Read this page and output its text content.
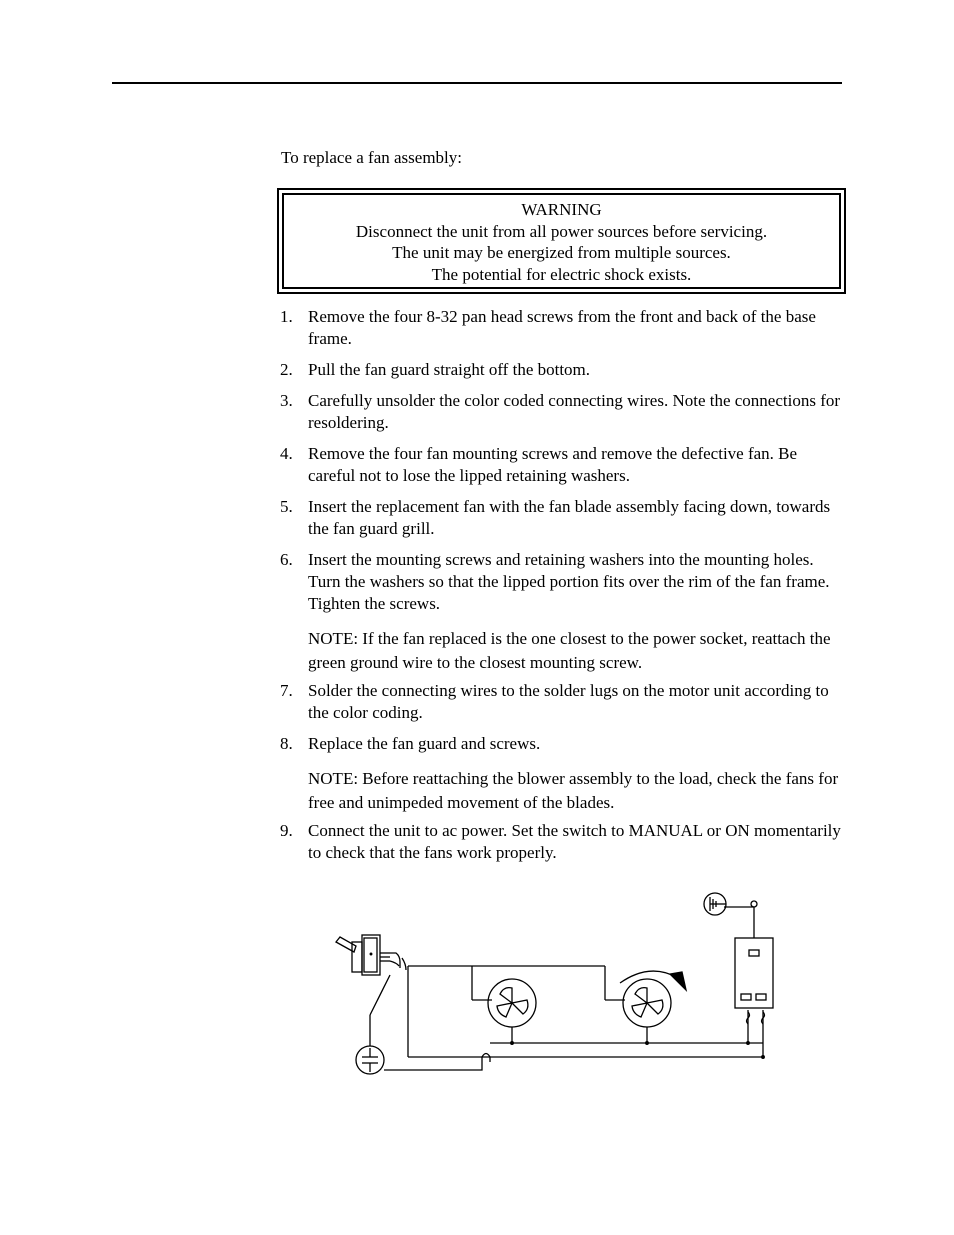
To replace a fan assembly:

WARNING
Disconnect the unit from all power sources before servicing.
The unit may be energized from multiple sources.
The potential for electric shock exists.
1. Remove the four 8-32 pan head screws from the front and back of the base frame.
2. Pull the fan guard straight off the bottom.
3. Carefully unsolder the color coded connecting wires. Note the connections for resoldering.
4. Remove the four fan mounting screws and remove the defective fan. Be careful not to lose the lipped retaining washers.
5. Insert the replacement fan with the fan blade assembly facing down, towards the fan guard grill.
6. Insert the mounting screws and retaining washers into the mounting holes. Turn the washers so that the lipped portion fits over the rim of the fan frame. Tighten the screws.
NOTE: If the fan replaced is the one closest to the power socket, reattach the green ground wire to the closest mounting screw.
7. Solder the connecting wires to the solder lugs on the motor unit according to the color coding.
8. Replace the fan guard and screws.
NOTE: Before reattaching the blower assembly to the load, check the fans for free and unimpeded movement of the blades.
9. Connect the unit to ac power. Set the switch to MANUAL or ON momentarily to check that the fans work properly.
